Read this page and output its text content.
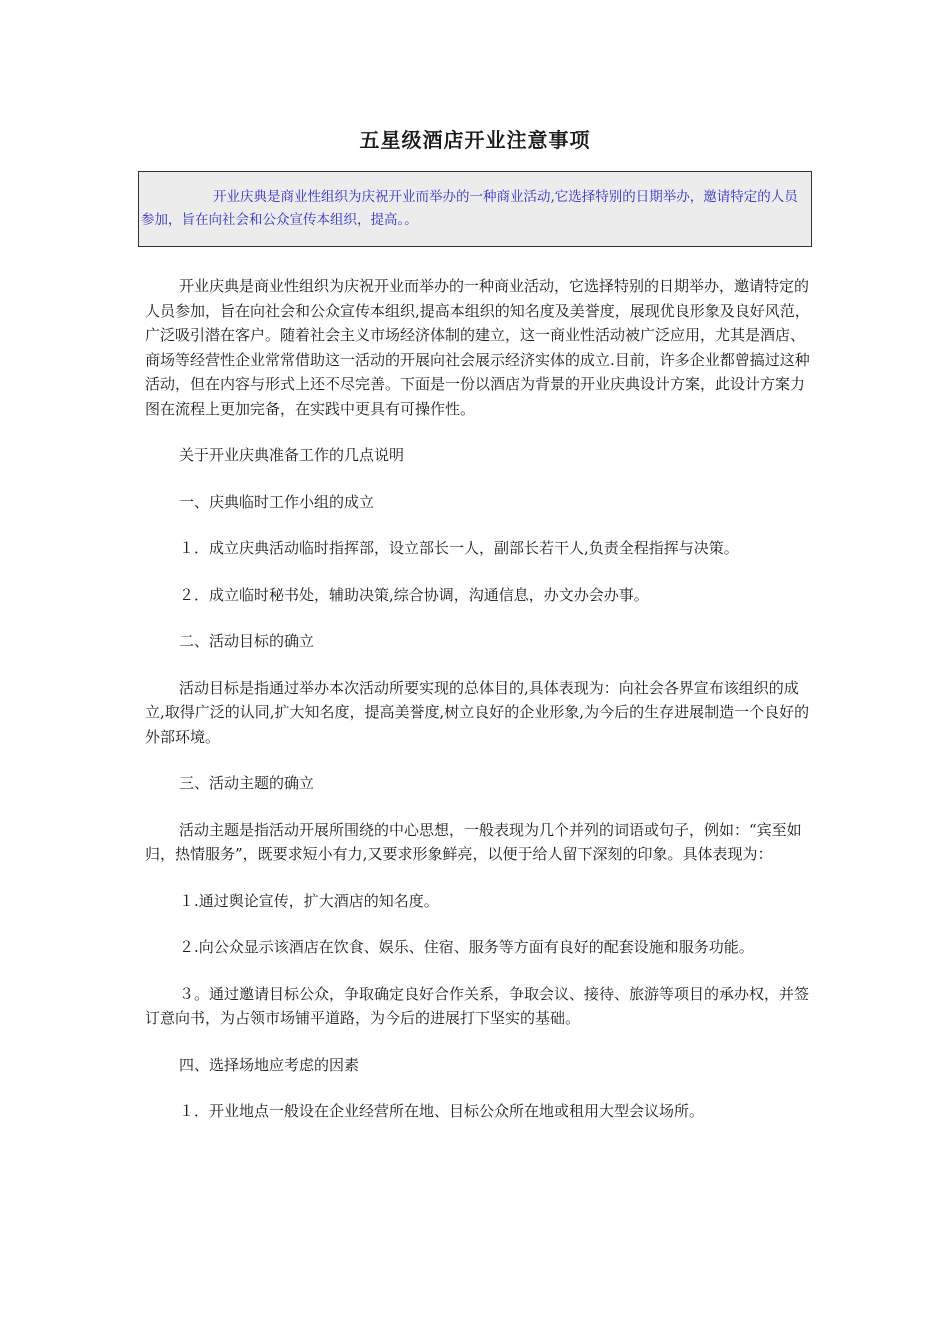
五星级酒店开业注意事项

开业庆典是商业性组织为庆祝开业而举办的一种商业活动,它选择特别的日期举办，邀请特定的人员参加，旨在向社会和公众宣传本组织，提高。。

开业庆典是商业性组织为庆祝开业而举办的一种商业活动，它选择特别的日期举办，邀请特定的人员参加，旨在向社会和公众宣传本组织,提高本组织的知名度及美誉度，展现优良形象及良好风范，广泛吸引潜在客户。随着社会主义市场经济体制的建立，这一商业性活动被广泛应用，尤其是酒店、商场等经营性企业常常借助这一活动的开展向社会展示经济实体的成立.目前，许多企业都曾搞过这种活动，但在内容与形式上还不尽完善。下面是一份以酒店为背景的开业庆典设计方案，此设计方案力图在流程上更加完备，在实践中更具有可操作性。

关于开业庆典准备工作的几点说明

一、庆典临时工作小组的成立

１．成立庆典活动临时指挥部，设立部长一人，副部长若干人,负责全程指挥与决策。

２．成立临时秘书处，辅助决策,综合协调，沟通信息，办文办会办事。

二、活动目标的确立

活动目标是指通过举办本次活动所要实现的总体目的,具体表现为：向社会各界宣布该组织的成立,取得广泛的认同,扩大知名度，提高美誉度,树立良好的企业形象,为今后的生存进展制造一个良好的外部环境。

三、活动主题的确立

活动主题是指活动开展所围绕的中心思想，一般表现为几个并列的词语或句子，例如：“宾至如归，热情服务”，既要求短小有力,又要求形象鲜亮，以便于给人留下深刻的印象。具体表现为：

１.通过舆论宣传，扩大酒店的知名度。

２.向公众显示该酒店在饮食、娱乐、住宿、服务等方面有良好的配套设施和服务功能。

３。通过邀请目标公众，争取确定良好合作关系，争取会议、接待、旅游等项目的承办权，并签订意向书，为占领市场铺平道路，为今后的进展打下坚实的基础。

四、选择场地应考虑的因素

１．开业地点一般设在企业经营所在地、目标公众所在地或租用大型会议场所。
